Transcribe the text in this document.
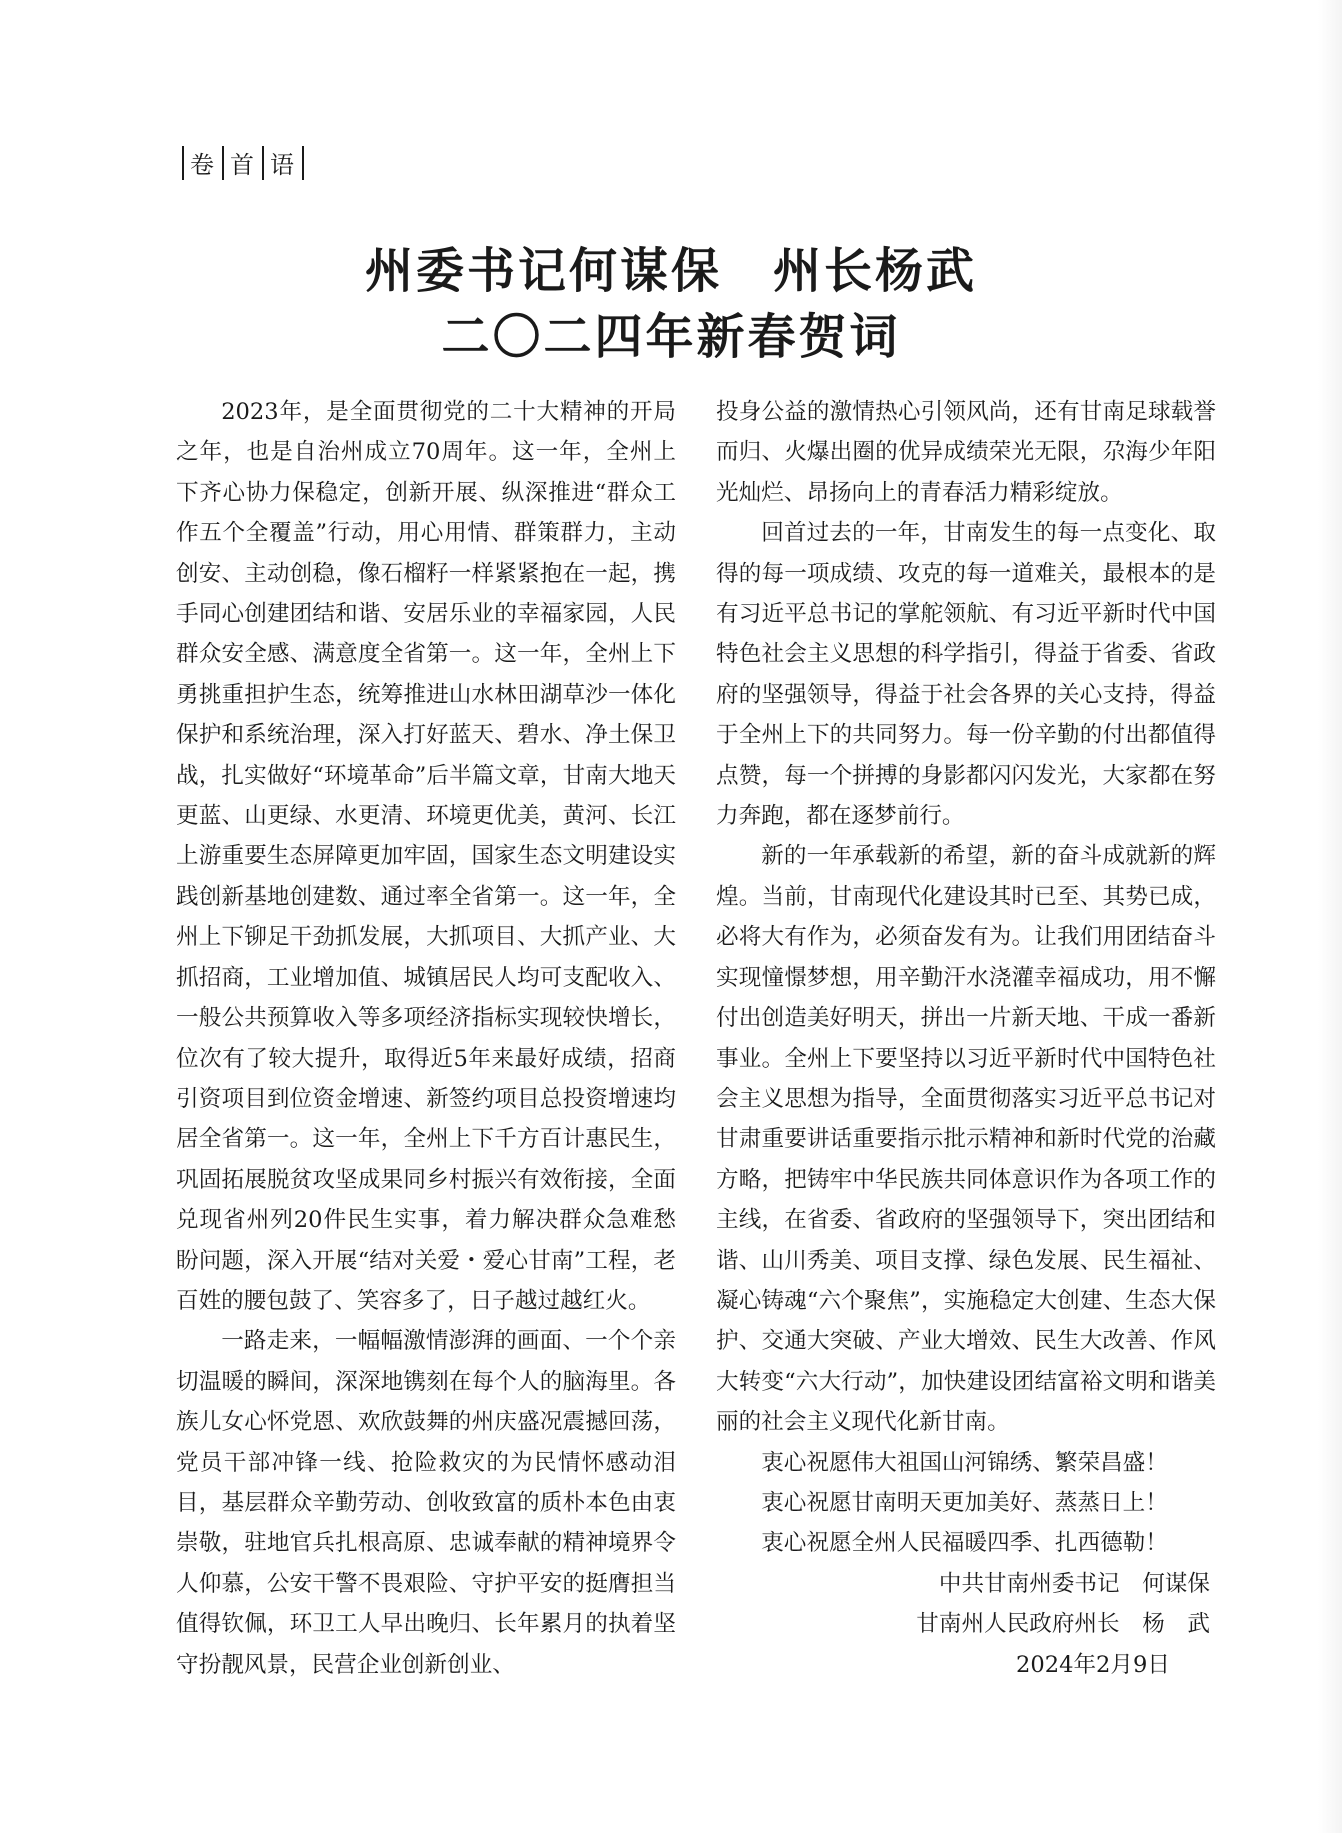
卷 首 语
州委书记何谋保　州长杨武
二〇二四年新春贺词

2023年，是全面贯彻党的二十大精神的开局之年，也是自治州成立70周年。这一年，全州上下齐心协力保稳定，创新开展、纵深推进“群众工作五个全覆盖”行动，用心用情、群策群力，主动创安、主动创稳，像石榴籽一样紧紧抱在一起，携手同心创建团结和谐、安居乐业的幸福家园，人民群众安全感、满意度全省第一。这一年，全州上下勇挑重担护生态，统筹推进山水林田湖草沙一体化保护和系统治理，深入打好蓝天、碧水、净土保卫战，扎实做好“环境革命”后半篇文章，甘南大地天更蓝、山更绿、水更清、环境更优美，黄河、长江上游重要生态屏障更加牢固，国家生态文明建设实践创新基地创建数、通过率全省第一。这一年，全州上下铆足干劲抓发展，大抓项目、大抓产业、大抓招商，工业增加值、城镇居民人均可支配收入、一般公共预算收入等多项经济指标实现较快增长，位次有了较大提升，取得近5年来最好成绩，招商引资项目到位资金增速、新签约项目总投资增速均居全省第一。这一年，全州上下千方百计惠民生，巩固拓展脱贫攻坚成果同乡村振兴有效衔接，全面兑现省州列20件民生实事，着力解决群众急难愁盼问题，深入开展“结对关爱・爱心甘南”工程，老百姓的腰包鼓了、笑容多了，日子越过越红火。

一路走来，一幅幅激情澎湃的画面、一个个亲切温暖的瞬间，深深地镌刻在每个人的脑海里。各族儿女心怀党恩、欢欣鼓舞的州庆盛况震撼回荡，党员干部冲锋一线、抢险救灾的为民情怀感动泪目，基层群众辛勤劳动、创收致富的质朴本色由衷崇敬，驻地官兵扎根高原、忠诚奉献的精神境界令人仰慕，公安干警不畏艰险、守护平安的挺膺担当值得钦佩，环卫工人早出晚归、长年累月的执着坚守扮靓风景，民营企业创新创业、

投身公益的激情热心引领风尚，还有甘南足球载誉而归、火爆出圈的优异成绩荣光无限，尕海少年阳光灿烂、昂扬向上的青春活力精彩绽放。

回首过去的一年，甘南发生的每一点变化、取得的每一项成绩、攻克的每一道难关，最根本的是有习近平总书记的掌舵领航、有习近平新时代中国特色社会主义思想的科学指引，得益于省委、省政府的坚强领导，得益于社会各界的关心支持，得益于全州上下的共同努力。每一份辛勤的付出都值得点赞，每一个拼搏的身影都闪闪发光，大家都在努力奔跑，都在逐梦前行。

新的一年承载新的希望，新的奋斗成就新的辉煌。当前，甘南现代化建设其时已至、其势已成，必将大有作为，必须奋发有为。让我们用团结奋斗实现憧憬梦想，用辛勤汗水浇灌幸福成功，用不懈付出创造美好明天，拼出一片新天地、干成一番新事业。全州上下要坚持以习近平新时代中国特色社会主义思想为指导，全面贯彻落实习近平总书记对甘肃重要讲话重要指示批示精神和新时代党的治藏方略，把铸牢中华民族共同体意识作为各项工作的主线，在省委、省政府的坚强领导下，突出团结和谐、山川秀美、项目支撑、绿色发展、民生福祉、凝心铸魂“六个聚焦”，实施稳定大创建、生态大保护、交通大突破、产业大增效、民生大改善、作风大转变“六大行动”，加快建设团结富裕文明和谐美丽的社会主义现代化新甘南。

衷心祝愿伟大祖国山河锦绣、繁荣昌盛！

衷心祝愿甘南明天更加美好、蒸蒸日上！

衷心祝愿全州人民福暖四季、扎西德勒！

中共甘南州委书记　何谋保
甘南州人民政府州长　杨　武
2024年2月9日
